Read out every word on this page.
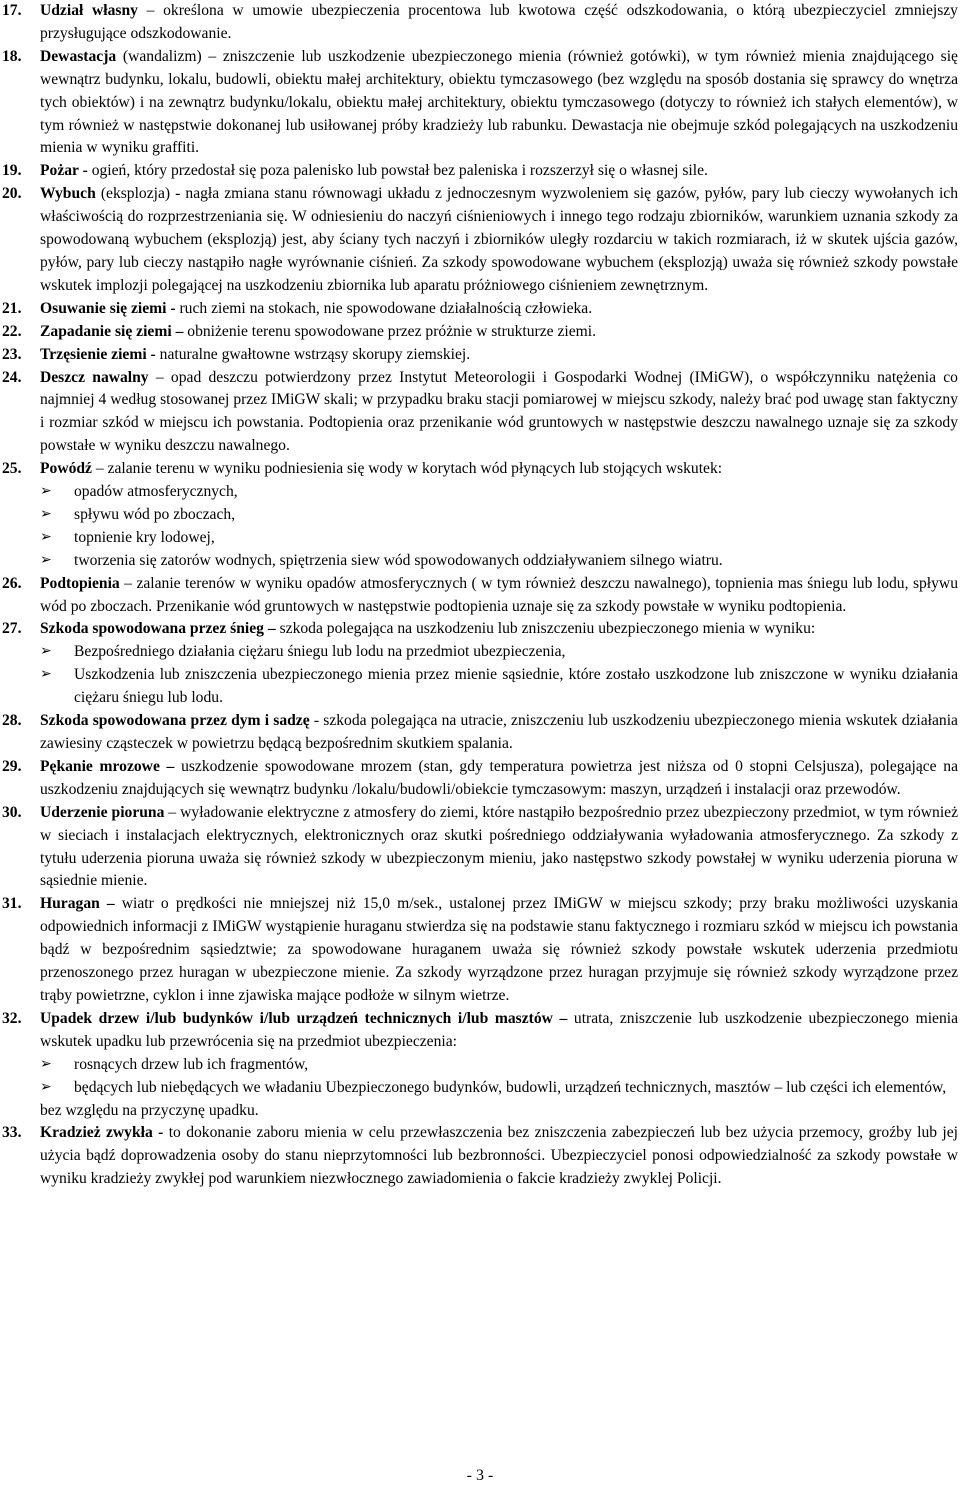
17.	Udział własny – określona w umowie ubezpieczenia procentowa lub kwotowa część odszkodowania, o którą ubezpieczyciel zmniejszy przysługujące odszkodowanie.

18.	Dewastacja (wandalizm) – zniszczenie lub uszkodzenie ubezpieczonego mienia (również gotówki), w tym również mienia znajdującego się wewnątrz budynku, lokalu, budowli, obiektu małej architektury, obiektu tymczasowego (bez względu na sposób dostania się sprawcy do wnętrza tych obiektów) i na zewnątrz budynku/lokalu, obiektu małej architektury, obiektu tymczasowego (dotyczy to również ich stałych elementów), w tym również w następstwie dokonanej lub usiłowanej próby kradzieży lub rabunku. Dewastacja nie obejmuje szkód polegających na uszkodzeniu mienia w wyniku graffiti.

19.	Pożar - ogień, który przedostał się poza palenisko lub powstał bez paleniska i rozszerzył się o własnej sile.

20.	Wybuch (eksplozja) - nagła zmiana stanu równowagi układu z jednoczesnym wyzwoleniem się gazów, pyłów, pary lub cieczy wywołanych ich właściwością do rozprzestrzeniania się. W odniesieniu do naczyń ciśnieniowych i innego tego rodzaju zbiorników, warunkiem uznania szkody za spowodowaną wybuchem (eksplozją) jest, aby ściany tych naczyń i zbiorników uległy rozdarciu w takich rozmiarach, iż w skutek ujścia gazów, pyłów, pary lub cieczy nastąpiło nagłe wyrównanie ciśnień. Za szkody spowodowane wybuchem (eksplozją) uważa się również szkody powstałe wskutek implozji polegającej na uszkodzeniu zbiornika lub aparatu próżniowego ciśnieniem zewnętrznym.

21.	Osuwanie się ziemi - ruch ziemi na stokach, nie spowodowane działalnością człowieka.

22.	Zapadanie się ziemi – obniżenie terenu spowodowane przez próżnie w strukturze ziemi.

23.	Trzęsienie ziemi - naturalne gwałtowne wstrząsy skorupy ziemskiej.

24.	Deszcz nawalny – opad deszczu potwierdzony przez Instytut Meteorologii i Gospodarki Wodnej (IMiGW), o współczynniku natężenia co najmniej 4 według stosowanej przez IMiGW skali; w przypadku braku stacji pomiarowej w miejscu szkody, należy brać pod uwagę stan faktyczny i rozmiar szkód w miejscu ich powstania. Podtopienia oraz przenikanie wód gruntowych w następstwie deszczu nawalnego uznaje się za szkody powstałe w wyniku deszczu nawalnego.

25.	Powódź – zalanie terenu w wyniku podniesienia się wody w korytach wód płynących lub stojących wskutek:

➢	opadów atmosferycznych,
➢	spływu wód po zboczach,
➢	topnienie kry lodowej,
➢	tworzenia się zatorów wodnych, spiętrzenia siew wód spowodowanych oddziaływaniem silnego wiatru.
26.	Podtopienia – zalanie terenów w wyniku opadów atmosferycznych ( w tym również deszczu nawalnego), topnienia mas śniegu lub lodu, spływu wód po zboczach. Przenikanie wód gruntowych w następstwie podtopienia uznaje się za szkody powstałe w wyniku podtopienia.

27.	Szkoda spowodowana przez śnieg – szkoda polegająca na uszkodzeniu lub zniszczeniu ubezpieczonego mienia w wyniku:

➢	Bezpośredniego działania ciężaru śniegu lub lodu na przedmiot ubezpieczenia,
➢	Uszkodzenia lub zniszczenia ubezpieczonego mienia przez mienie sąsiednie, które zostało uszkodzone lub zniszczone w wyniku działania ciężaru śniegu lub lodu.
28.	Szkoda spowodowana przez dym i sadzę - szkoda polegająca na utracie, zniszczeniu lub uszkodzeniu ubezpieczonego mienia wskutek działania zawiesiny cząsteczek w powietrzu będącą bezpośrednim skutkiem spalania.

29.	Pękanie mrozowe – uszkodzenie spowodowane mrozem (stan, gdy temperatura powietrza jest niższa od 0 stopni Celsjusza), polegające na uszkodzeniu znajdujących się wewnątrz budynku /lokalu/budowli/obiekcie tymczasowym: maszyn, urządzeń i instalacji oraz przewodów.

30.	Uderzenie pioruna – wyładowanie elektryczne z atmosfery do ziemi, które nastąpiło bezpośrednio przez ubezpieczony przedmiot, w tym również w sieciach i instalacjach elektrycznych, elektronicznych oraz skutki pośredniego oddziaływania wyładowania atmosferycznego. Za szkody z tytułu uderzenia pioruna uważa się również szkody w ubezpieczonym mieniu, jako następstwo szkody powstałej w wyniku uderzenia pioruna w sąsiednie mienie.

31.	Huragan – wiatr o prędkości nie mniejszej niż 15,0 m/sek., ustalonej przez IMiGW w miejscu szkody; przy braku możliwości uzyskania odpowiednich informacji z IMiGW wystąpienie huraganu stwierdza się na podstawie stanu faktycznego i rozmiaru szkód w miejscu ich powstania bądź w bezpośrednim sąsiedztwie; za spowodowane huraganem uważa się również szkody powstałe wskutek uderzenia przedmiotu przenoszonego przez huragan w ubezpieczone mienie. Za szkody wyrządzone przez huragan przyjmuje się również szkody wyrządzone przez trąby powietrzne, cyklon i inne zjawiska mające podłoże w silnym wietrze.

32.	Upadek drzew i/lub budynków i/lub urządzeń technicznych i/lub masztów – utrata, zniszczenie lub uszkodzenie ubezpieczonego mienia wskutek upadku lub przewrócenia się na przedmiot ubezpieczenia:

➢	rosnących drzew lub ich fragmentów,
➢	będących lub niebędących we władaniu Ubezpieczonego budynków, budowli, urządzeń technicznych, masztów – lub części ich elementów,

bez względu na przyczynę upadku.

33.	Kradzież zwykła - to dokonanie zaboru mienia w celu przewłaszczenia bez zniszczenia zabezpieczeń lub bez użycia przemocy, groźby lub jej użycia bądź doprowadzenia osoby do stanu nieprzytomności lub bezbronności. Ubezpieczyciel ponosi odpowiedzialność za szkody powstałe w wyniku kradzieży zwykłej pod warunkiem niezwłocznego zawiadomienia o fakcie kradzieży zwyklej Policji.

- 3 -
